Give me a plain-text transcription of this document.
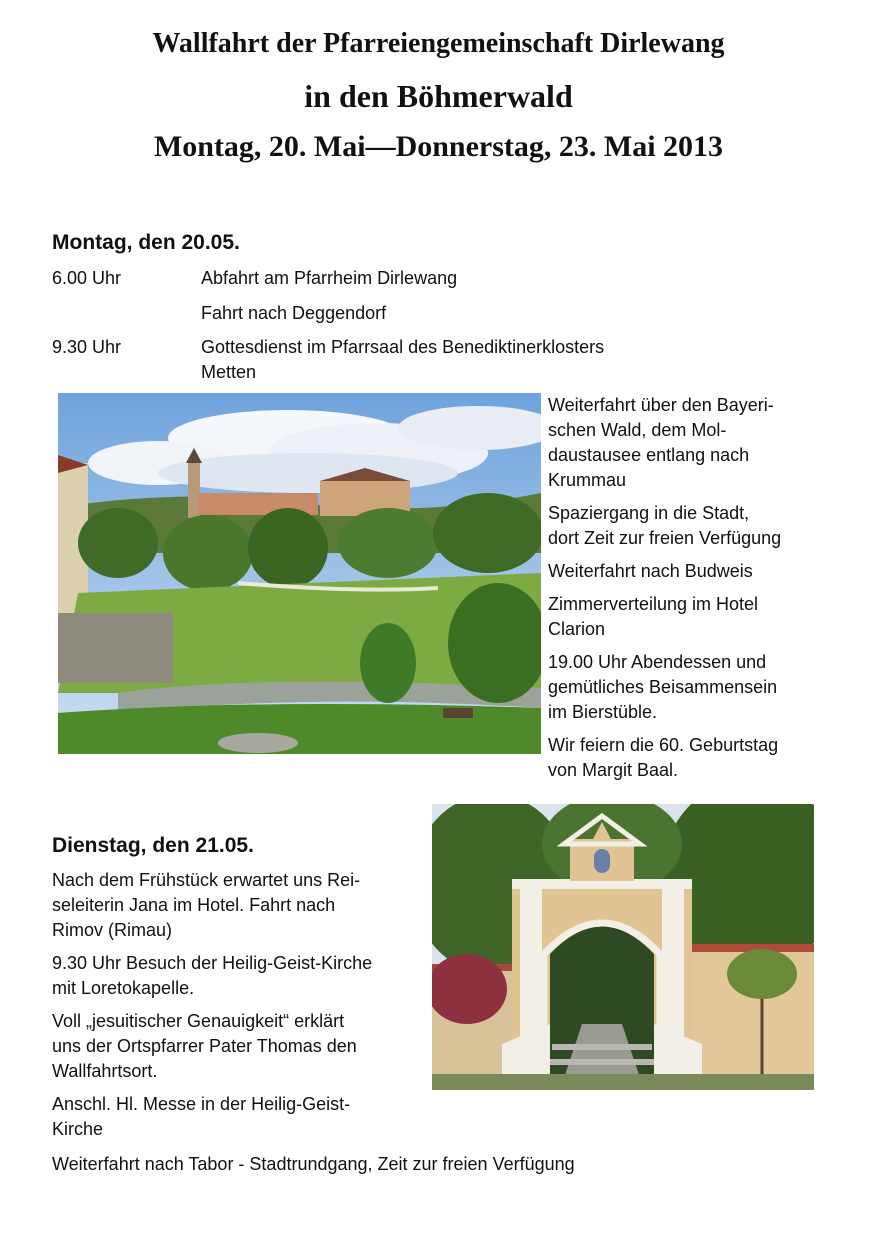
Wallfahrt der Pfarreiengemeinschaft Dirlewang
in den Böhmerwald
Montag, 20. Mai—Donnerstag, 23. Mai 2013
Montag, den 20.05.
6.00 Uhr	Abfahrt am Pfarrheim Dirlewang
Fahrt nach Deggendorf
9.30 Uhr	Gottesdienst im Pfarrsaal des Benediktinerklosters
Metten

Weiterfahrt über den Bayeri-
schen Wald, dem Mol-
daustausee entlang nach
Krummau

Spaziergang in die Stadt,
dort Zeit zur freien Verfügung

Weiterfahrt nach Budweis

Zimmerverteilung im Hotel
Clarion

19.00 Uhr Abendessen und
gemütliches Beisammensein
im Bierstüble.

Wir feiern die 60. Geburtstag
von Margit Baal.

Dienstag, den 21.05.

Nach dem Frühstück erwartet uns Rei-
seleiterin Jana im Hotel. Fahrt nach
Rimov (Rimau)

9.30 Uhr Besuch der Heilig-Geist-Kirche
mit Loretokapelle.

Voll „jesuitischer Genauigkeit“ erklärt
uns der Ortspfarrer Pater Thomas den
Wallfahrtsort.

Anschl. Hl. Messe in der Heilig-Geist-
Kirche

Weiterfahrt nach Tabor - Stadtrundgang, Zeit zur freien Verfügung
